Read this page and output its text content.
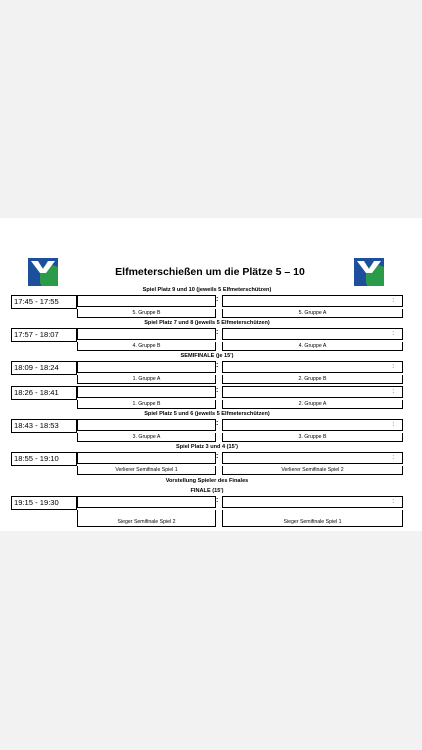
Elfmeterschießen um die Plätze 5 – 10
Spiel Platz 9 und 10 (jeweils 5 Elfmeterschützen)
17:45 - 17:55	:	:
5. Gruppe B	5. Gruppe A
Spiel Platz 7 und 8 (jeweils 5 Elfmeterschützen)
17:57 - 18:07	:	:
4. Gruppe B	4. Gruppe A
SEMIFINALE (je 15')
18:09 - 18:24	:	:
1. Gruppe A	2. Gruppe B
18:26 - 18:41	:	:
1. Gruppe B	2. Gruppe A
Spiel Platz 5 und 6 (jeweils 5 Elfmeterschützen)
18:43 - 18:53	:	:
3. Gruppe A	3. Gruppe B
Spiel Platz 3 und 4 (15')
18:55 - 19:10	:	:
Verlierer Semifinale Spiel 1	Verlierer Semifinale Spiel 2
Vorstellung Spieler des Finales
FINALE (15')
19:15 - 19:30	:	:
Sieger Semifinale Spiel 2	Sieger Semifinale Spiel 1
